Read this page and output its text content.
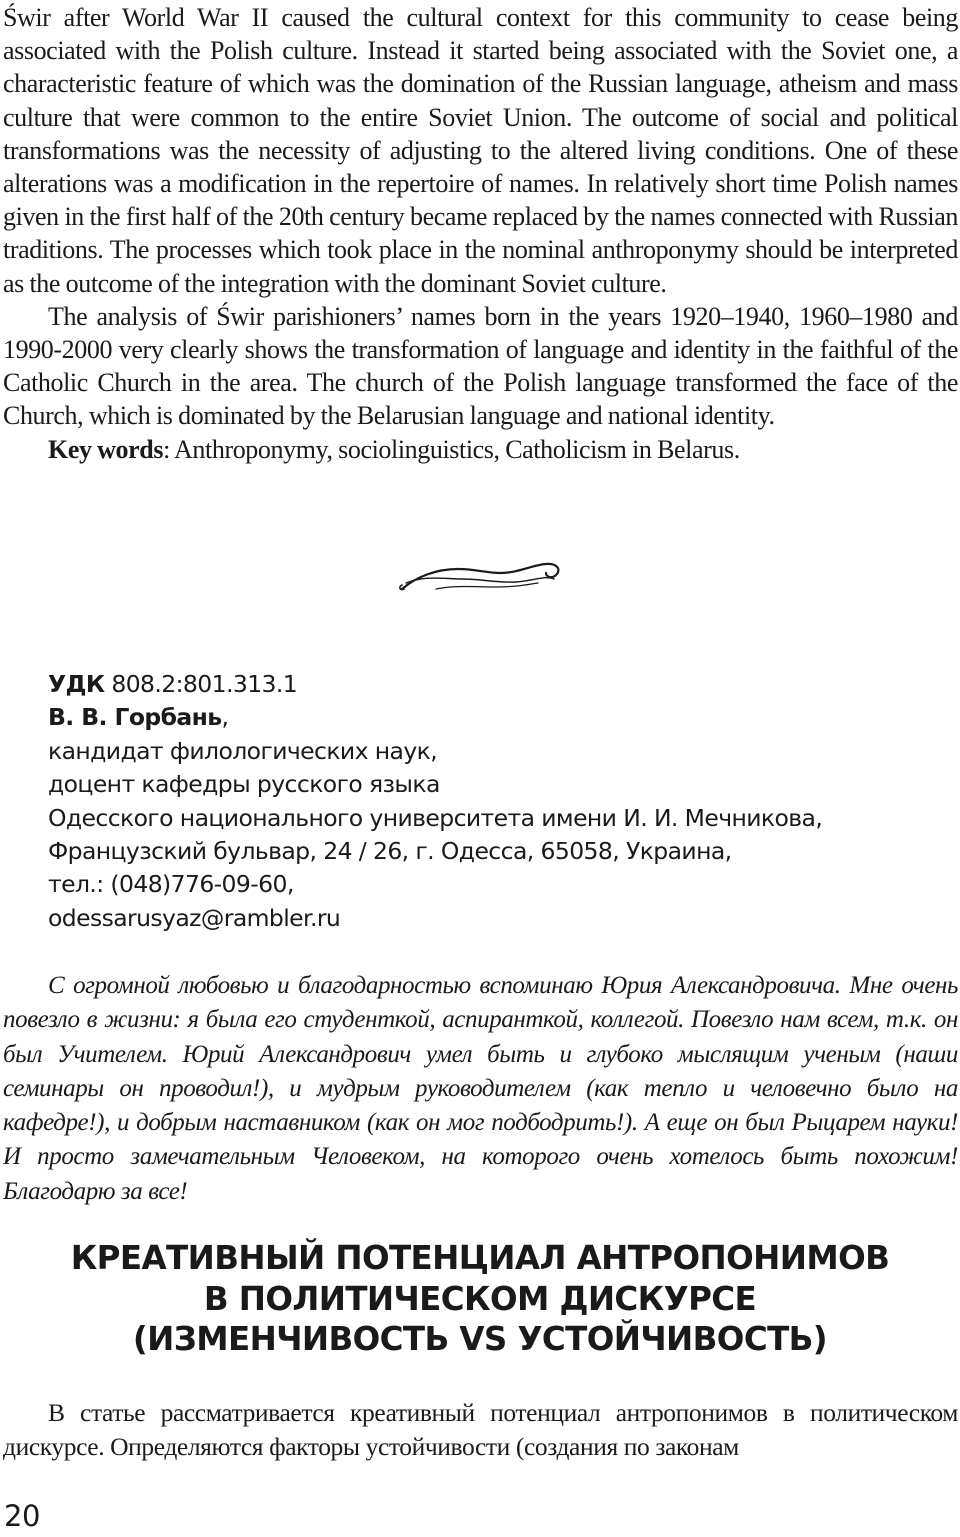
Świr after World War II caused the cultural context for this community to cease being associated with the Polish culture. Instead it started being associated with the Soviet one, a characteristic feature of which was the domination of the Russian language, atheism and mass culture that were common to the entire Soviet Union. The outcome of social and political transformations was the necessity of adjusting to the altered living conditions. One of these alterations was a modification in the repertoire of names. In relatively short time Polish names given in the first half of the 20th century became replaced by the names connected with Russian traditions. The processes which took place in the nominal anthroponymy should be interpreted as the outcome of the integration with the dominant Soviet culture.

The analysis of Świr parishioners’ names born in the years 1920–1940, 1960–1980 and 1990-2000 very clearly shows the transformation of language and identity in the faithful of the Catholic Church in the area. The church of the Polish language transformed the face of the Church, which is dominated by the Belarusian language and national identity.

Key words: Anthroponymy, sociolinguistics, Catholicism in Belarus.

УДК 808.2:801.313.1
В. В. Горбань,
кандидат филологических наук,
доцент кафедры русского языка
Одесского национального университета имени И. И. Мечникова,
Французский бульвар, 24 / 26, г. Одесса, 65058, Украина,
тел.: (048)776-09-60,
odessarusyaz@rambler.ru

С огромной любовью и благодарностью вспоминаю Юрия Александровича. Мне очень повезло в жизни: я была его студенткой, аспиранткой, коллегой. Повезло нам всем, т.к. он был Учителем. Юрий Александрович умел быть и глубоко мыслящим ученым (наши семинары он проводил!), и мудрым руководителем (как тепло и человечно было на кафедре!), и добрым наставником (как он мог подбодрить!). А еще он был Рыцарем науки! И просто замечательным Человеком, на которого очень хотелось быть похожим! Благодарю за все!

КРЕАТИВНЫЙ ПОТЕНЦИАЛ АНТРОПОНИМОВ
В ПОЛИТИЧЕСКОМ ДИСКУРСЕ
(ИЗМЕНЧИВОСТЬ VS УСТОЙЧИВОСТЬ)

В статье рассматривается креативный потенциал антропонимов в политическом дискурсе. Определяются факторы устойчивости (создания по законам

20
